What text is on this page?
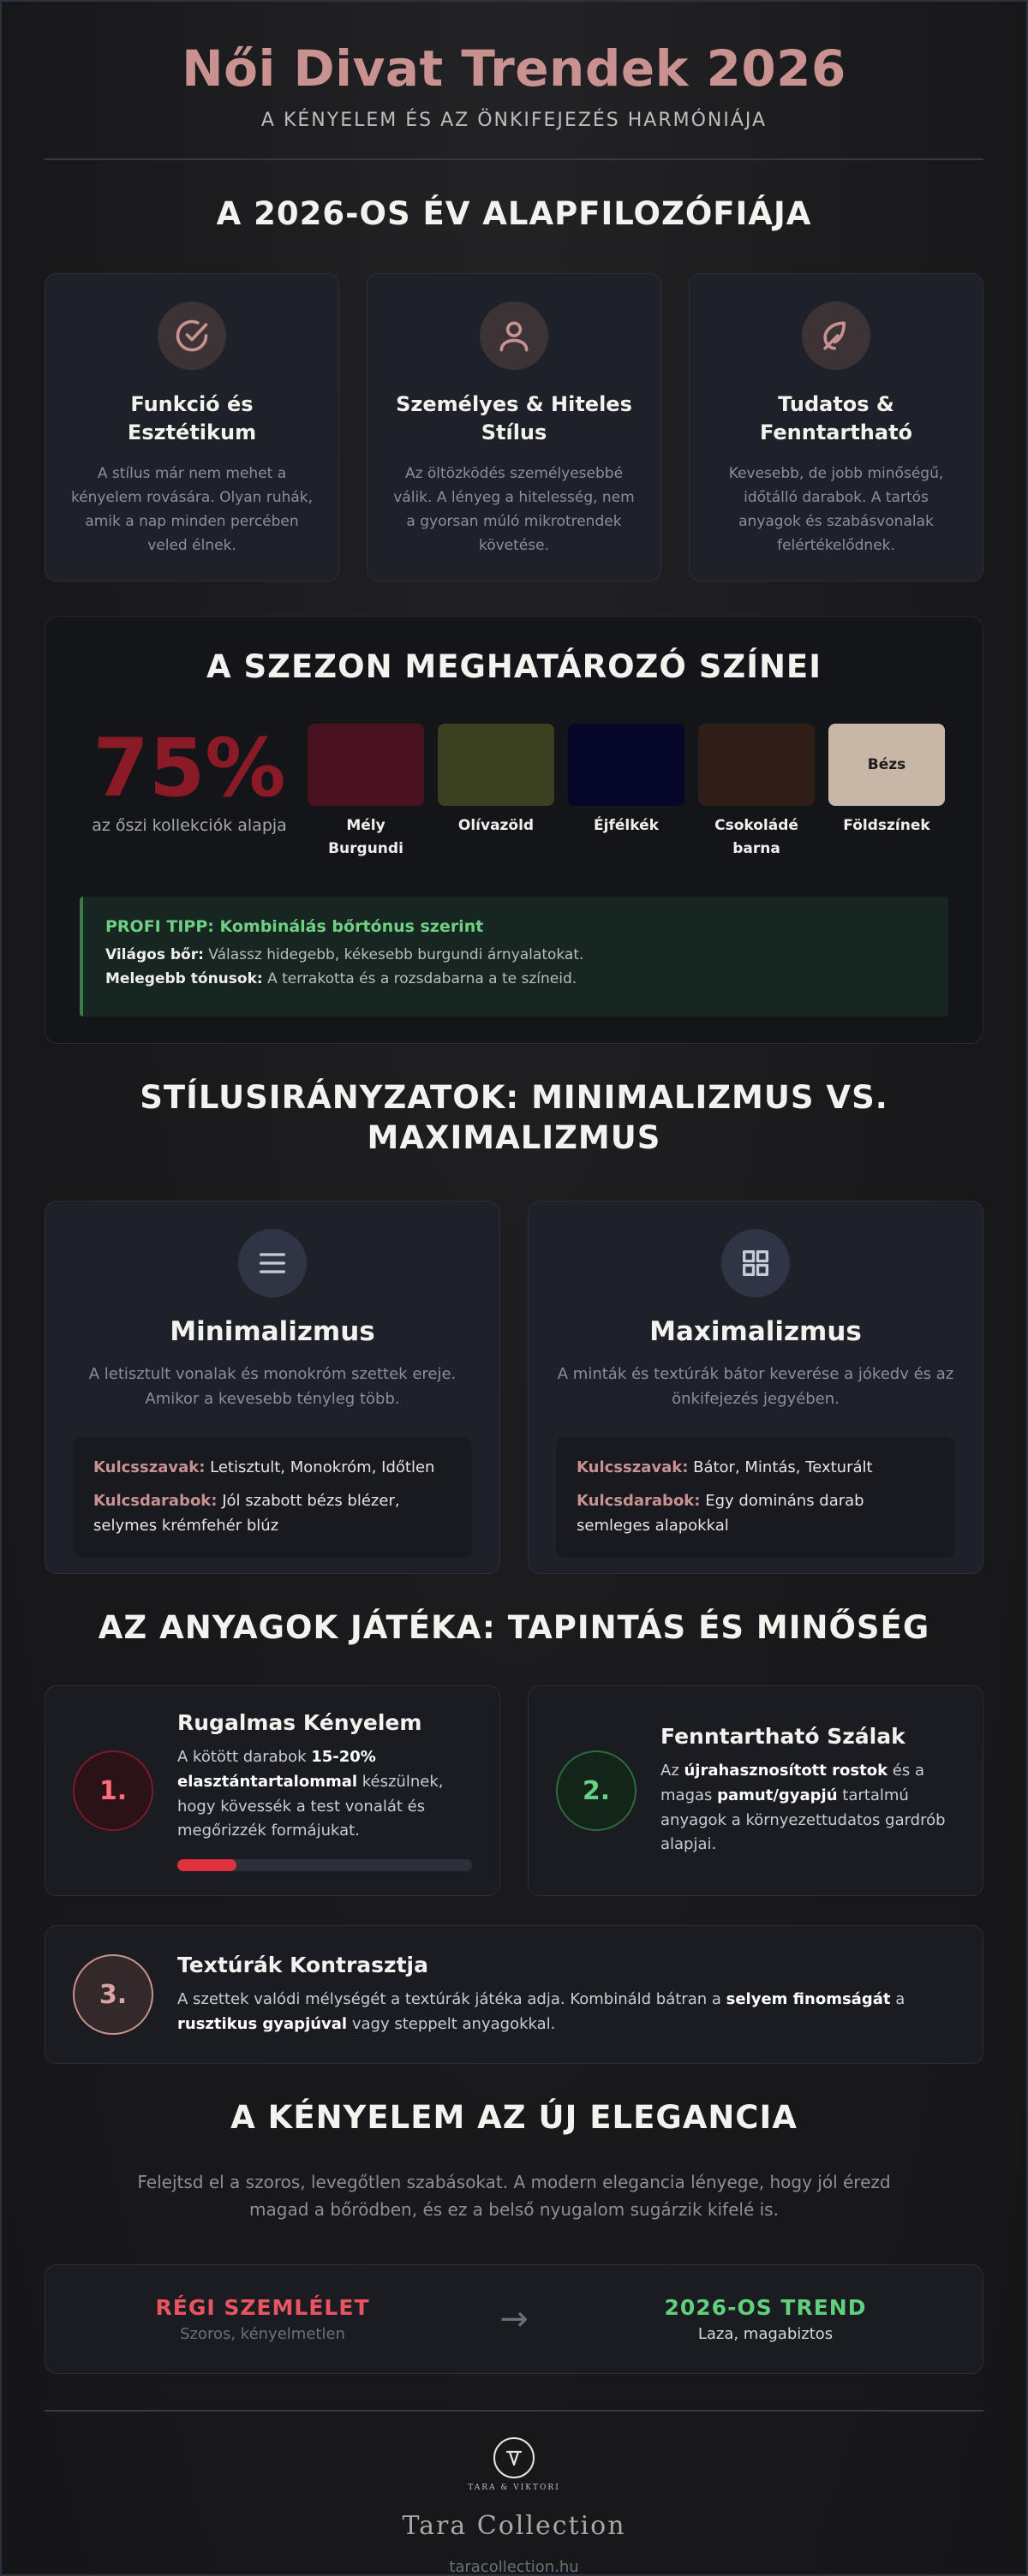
Női Divat Trendek 2026
A KÉNYELEM ÉS AZ ÖNKIFEJEZÉS HARMÓNIÁJA
A 2026-OS ÉV ALAPFILOZÓFIÁJA
Funkció és Esztétikum

A stílus már nem mehet a kényelem rovására. Olyan ruhák, amik a nap minden percében veled élnek.

Személyes & Hiteles Stílus

Az öltözködés személyesebbé válik. A lényeg a hitelesség, nem a gyorsan múló mikrotrendek követése.

Tudatos & Fenntartható

Kevesebb, de jobb minőségű, időtálló darabok. A tartós anyagok és szabásvonalak felértékelődnek.

A SZEZON MEGHATÁROZÓ SZÍNEI
75%
az őszi kollekciók alapja	Mély Burgundi
Olívazöld	Éjfélkék	Csokoládé barna
Bézs
Földszínek
PROFI TIPP: Kombinálás bőrtónus szerint
Világos bőr: Válassz hidegebb, kékesebb burgundi árnyalatokat.
Melegebb tónusok: A terrakotta és a rozsdabarna a te színeid.
STÍLUSIRÁNYZATOK: MINIMALIZMUS VS. MAXIMALIZMUS
Minimalizmus

A letisztult vonalak és monokróm szettek ereje. Amikor a kevesebb tényleg több.

Kulcsszavak: Letisztult, Monokróm, Időtlen
Kulcsdarabok: Jól szabott bézs blézer, selymes krémfehér blúz
Maximalizmus

A minták és textúrák bátor keverése a jókedv és az önkifejezés jegyében.

Kulcsszavak: Bátor, Mintás, Texturált
Kulcsdarabok: Egy domináns darab semleges alapokkal
AZ ANYAGOK JÁTÉKA: TAPINTÁS ÉS MINŐSÉG
1.
Rugalmas Kényelem

A kötött darabok 15-20% elasztántartalommal készülnek, hogy kövessék a test vonalát és megőrizzék formájukat.

2.
Fenntartható Szálak

Az újrahasznosított rostok és a magas pamut/gyapjú tartalmú anyagok a környezettudatos gardrób alapjai.

3.
Textúrák Kontrasztja

A szettek valódi mélységét a textúrák játéka adja. Kombináld bátran a selyem finomságát a rusztikus gyapjúval vagy steppelt anyagokkal.

A KÉNYELEM AZ ÚJ ELEGANCIA

Felejtsd el a szoros, levegőtlen szabásokat. A modern elegancia lényege, hogy jól érezd magad a bőrödben, és ez a belső nyugalom sugárzik kifelé is.

RÉGI SZEMLÉLET
Szoros, kényelmetlen	→	2026-OS TREND
Laza, magabiztos
TARA & VIKTORI
Tara Collection
taracollection.hu
